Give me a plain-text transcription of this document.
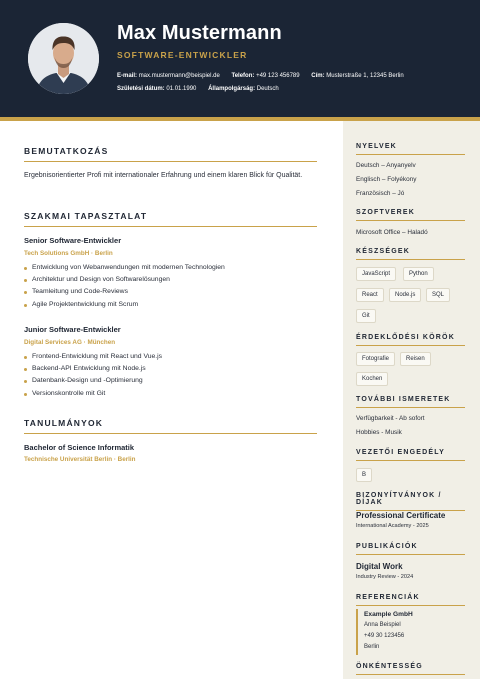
Max Mustermann
SOFTWARE-ENTWICKLER
E-mail: max.mustermann@beispiel.de Telefon: +49 123 456789 Cím: Musterstraße 1, 12345 Berlin
Születési dátum: 01.01.1990 Állampolgárság: Deutsch
BEMUTATKOZÁS
Ergebnisorientierter Profi mit internationaler Erfahrung und einem klaren Blick für Qualität.
SZAKMAI TAPASZTALAT
Senior Software-Entwickler
Tech Solutions GmbH · Berlin
Entwicklung von Webanwendungen mit modernen Technologien
Architektur und Design von Softwarelösungen
Teamleitung und Code-Reviews
Agile Projektentwicklung mit Scrum
Junior Software-Entwickler
Digital Services AG · München
Frontend-Entwicklung mit React und Vue.js
Backend-API Entwicklung mit Node.js
Datenbank-Design und -Optimierung
Versionskontrolle mit Git
TANULMÁNYOK
Bachelor of Science Informatik
Technische Universität Berlin · Berlin
NYELVEK
Deutsch – Anyanyelv
Englisch – Folyékony
Französisch – Jó
SZOFTVEREK
Microsoft Office – Haladó
KÉSZSÉGEK
JavaScript	Python
React	Node.js	SQL
Git
ÉRDEKLŐDÉSI KÖRÖK
Fotografie	Reisen
Kochen
TOVÁBBI ISMERETEK
Verfügbarkeit - Ab sofort
Hobbies - Musik
VEZETŐI ENGEDÉLY
B
BIZONYÍTVÁNYOK / DÍJAK
Professional Certificate
International Academy - 2025
PUBLIKÁCIÓK
Digital Work
Industry Review - 2024
REFERENCIÁK
Example GmbH
Anna Beispiel
+49 30 123456
Berlin
ÖNKÉNTESSÉG
